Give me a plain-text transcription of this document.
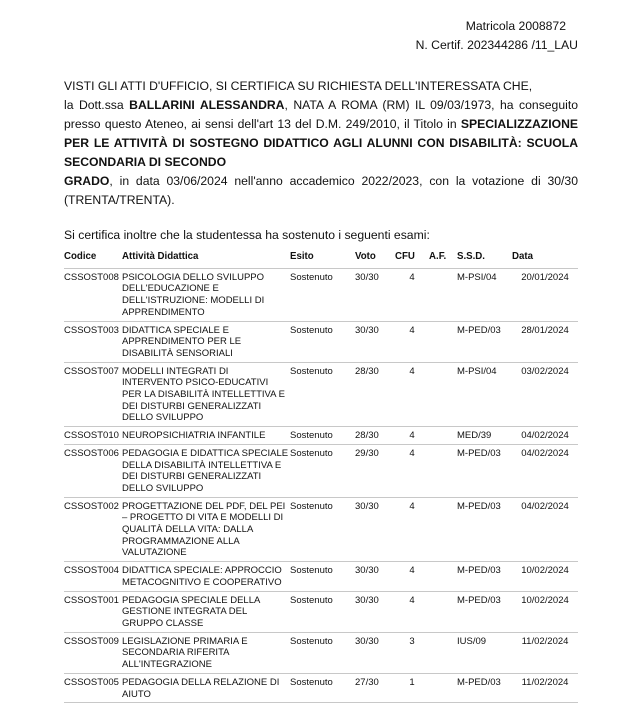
Matricola 2008872
N. Certif. 202344286 /11_LAU
VISTI GLI ATTI D'UFFICIO, SI CERTIFICA SU RICHIESTA DELL'INTERESSATA CHE,
la Dott.ssa BALLARINI ALESSANDRA, NATA A ROMA (RM) IL 09/03/1973, ha conseguito
presso questo Ateneo, ai sensi dell'art 13 del D.M. 249/2010, il Titolo in SPECIALIZZAZIONE
PER LE ATTIVITÀ DI SOSTEGNO DIDATTICO AGLI ALUNNI CON DISABILITÀ: SCUOLA
SECONDARIA DI SECONDO
GRADO, in data 03/06/2024 nell'anno accademico 2022/2023, con la votazione di 30/30
(TRENTA/TRENTA).
Si certifica inoltre che la studentessa ha sostenuto i seguenti esami:
Codice	Attività Didattica	Esito	Voto	CFU	A.F.	S.S.D.	Data
CSSOST008	PSICOLOGIA DELLO SVILUPPO DELL'EDUCAZIONE E DELL'ISTRUZIONE: MODELLI DI APPRENDIMENTO	Sostenuto	30/30	4		M-PSI/04	20/01/2024
CSSOST003	DIDATTICA SPECIALE E APPRENDIMENTO PER LE DISABILITÀ SENSORIALI	Sostenuto	30/30	4		M-PED/03	28/01/2024
CSSOST007	MODELLI INTEGRATI DI INTERVENTO PSICO-EDUCATIVI PER LA DISABILITÀ INTELLETTIVA E DEI DISTURBI GENERALIZZATI DELLO SVILUPPO	Sostenuto	28/30	4		M-PSI/04	03/02/2024
CSSOST010	NEUROPSICHIATRIA INFANTILE	Sostenuto	28/30	4		MED/39	04/02/2024
CSSOST006	PEDAGOGIA E DIDATTICA SPECIALE DELLA DISABILITÀ INTELLETTIVA E DEI DISTURBI GENERALIZZATI DELLO SVILUPPO	Sostenuto	29/30	4		M-PED/03	04/02/2024
CSSOST002	PROGETTAZIONE DEL PDF, DEL PEI – PROGETTO DI VITA E MODELLI DI QUALITÀ DELLA VITA: DALLA PROGRAMMAZIONE ALLA VALUTAZIONE	Sostenuto	30/30	4		M-PED/03	04/02/2024
CSSOST004	DIDATTICA SPECIALE: APPROCCIO METACOGNITIVO E COOPERATIVO	Sostenuto	30/30	4		M-PED/03	10/02/2024
CSSOST001	PEDAGOGIA SPECIALE DELLA GESTIONE INTEGRATA DEL GRUPPO CLASSE	Sostenuto	30/30	4		M-PED/03	10/02/2024
CSSOST009	LEGISLAZIONE PRIMARIA E SECONDARIA RIFERITA ALL'INTEGRAZIONE	Sostenuto	30/30	3		IUS/09	11/02/2024
CSSOST005	PEDAGOGIA DELLA RELAZIONE DI AIUTO	Sostenuto	27/30	1		M-PED/03	11/02/2024
